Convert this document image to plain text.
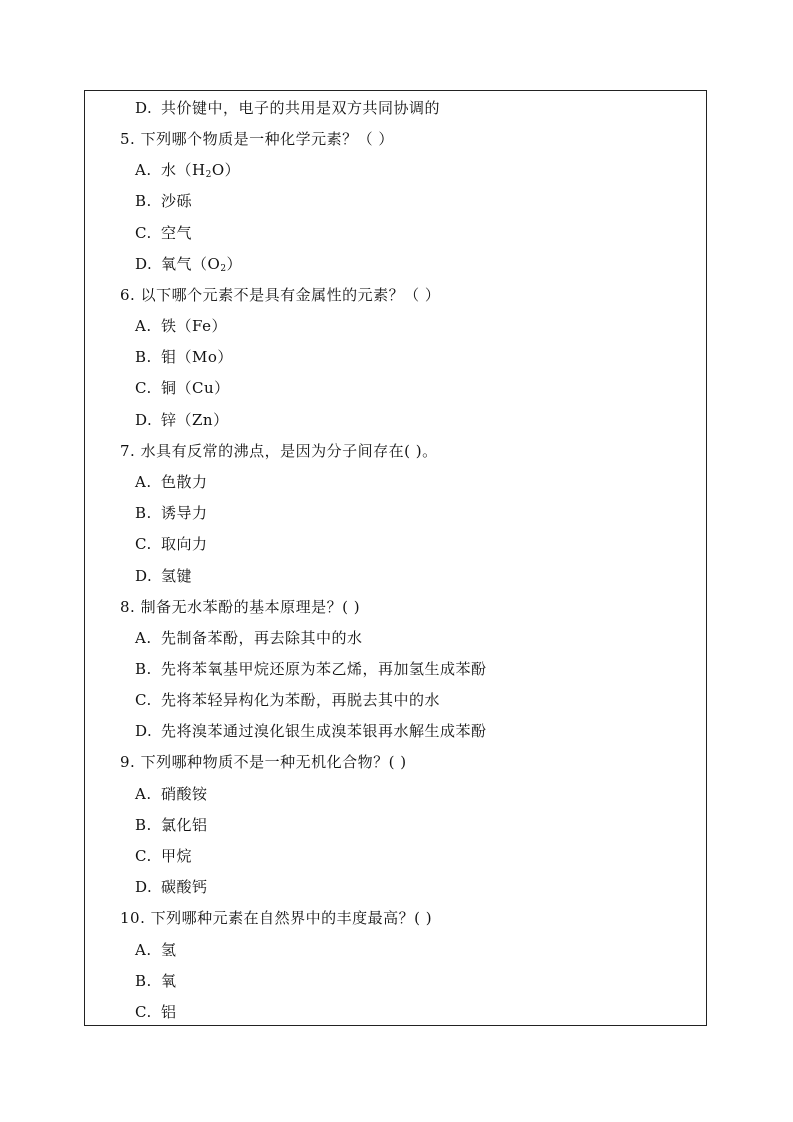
D. 共价键中，电子的共用是双方共同协调的
5. 下列哪个物质是一种化学元素？（ ）
A. 水$(H_2O)$
B. 沙砾
C. 空气
D. 氧气$(O_2)$
6. 以下哪个元素不是具有金属性的元素？（ ）
A. 铁（Fe）
B. 钼（Mo）
C. 铜（Cu）
D. 锌（Zn）
7. 水具有反常的沸点，是因为分子间存在( )。
A. 色散力
B. 诱导力
C. 取向力
D. 氢键
8. 制备无水苯酚的基本原理是？( )
A. 先制备苯酚，再去除其中的水
B. 先将苯氧基甲烷还原为苯乙烯，再加氢生成苯酚
C. 先将苯轻异构化为苯酚，再脱去其中的水
D. 先将溴苯通过溴化银生成溴苯银再水解生成苯酚
9. 下列哪种物质不是一种无机化合物？( )
A. 硝酸铵
B. 氯化铝
C. 甲烷
D. 碳酸钙
10. 下列哪种元素在自然界中的丰度最高？( )
A. 氢
B. 氧
C. 铝
